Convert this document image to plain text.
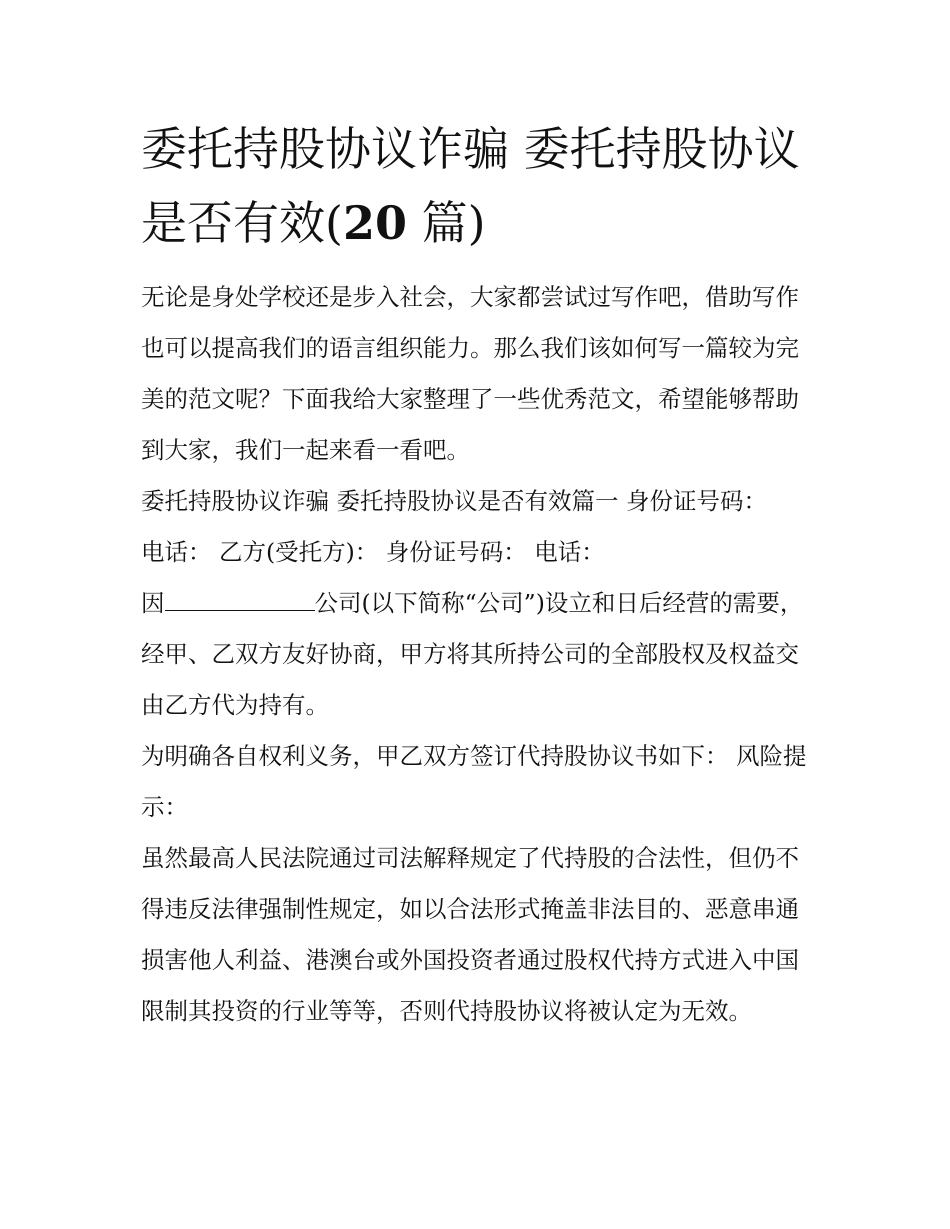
委托持股协议诈骗 委托持股协议是否有效(20 篇)

无论是身处学校还是步入社会，大家都尝试过写作吧，借助写作也可以提高我们的语言组织能力。那么我们该如何写一篇较为完美的范文呢？下面我给大家整理了一些优秀范文，希望能够帮助到大家，我们一起来看一看吧。

委托持股协议诈骗 委托持股协议是否有效篇一 身份证号码：

电话： 乙方(受托方)： 身份证号码： 电话：

因	公司(以下简称“公司”)设立和日后经营的需要，经甲、乙双方友好协商，甲方将其所持公司的全部股权及权益交由乙方代为持有。

为明确各自权利义务，甲乙双方签订代持股协议书如下： 风险提示：

虽然最高人民法院通过司法解释规定了代持股的合法性，但仍不得违反法律强制性规定，如以合法形式掩盖非法目的、恶意串通损害他人利益、港澳台或外国投资者通过股权代持方式进入中国限制其投资的行业等等，否则代持股协议将被认定为无效。
